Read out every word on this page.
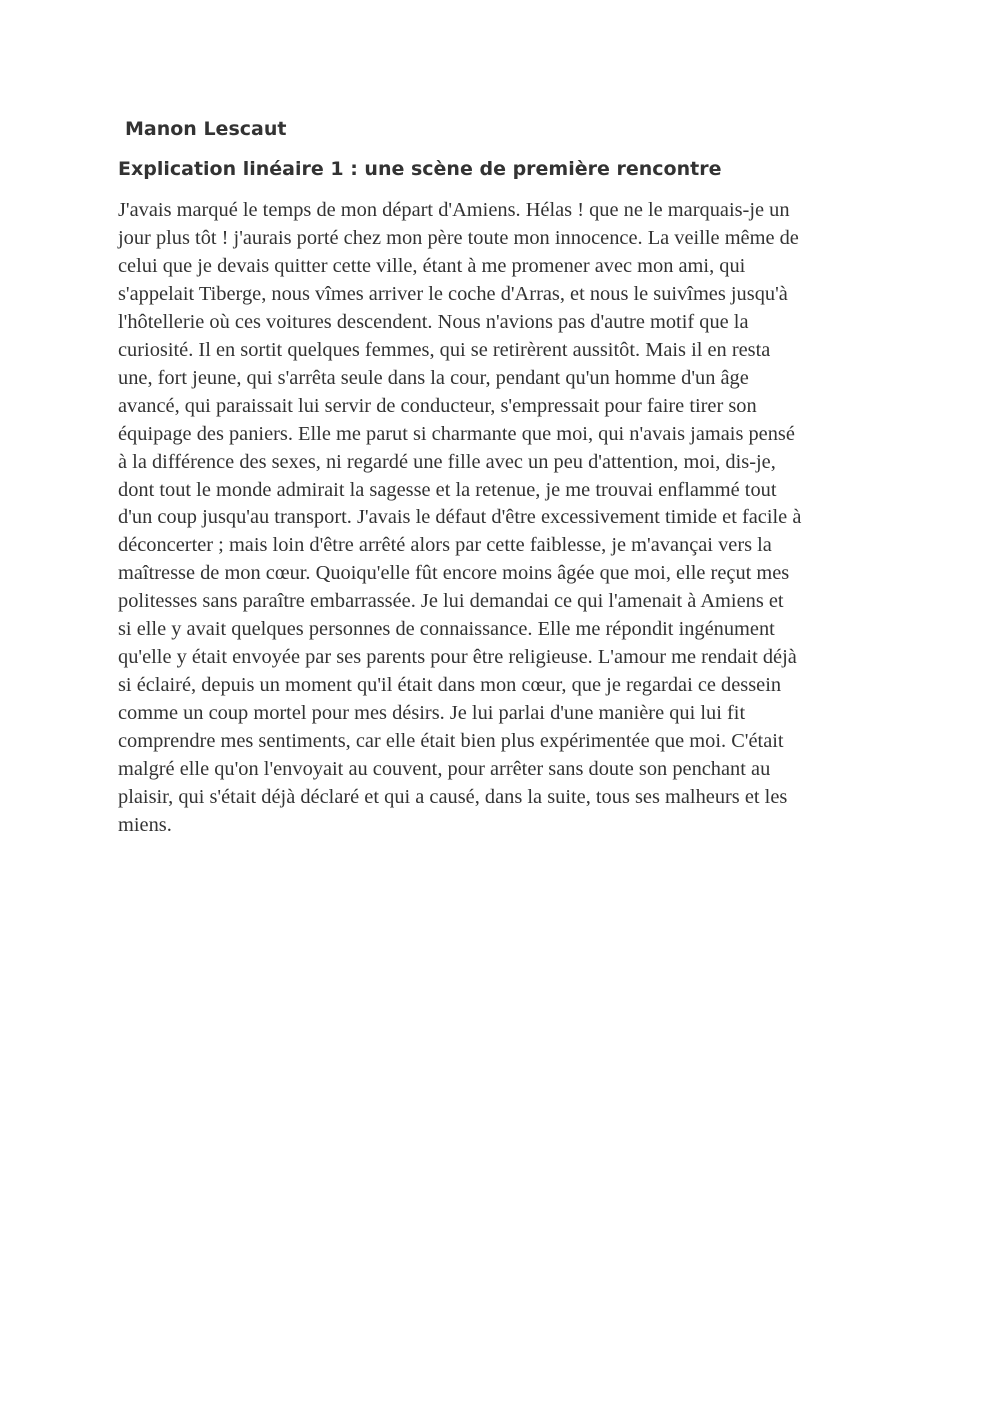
Manon Lescaut
Explication linéaire 1 : une scène de première rencontre
J'avais marqué le temps de mon départ d'Amiens. Hélas ! que ne le marquais-je un
jour plus tôt ! j'aurais porté chez mon père toute mon innocence. La veille même de
celui que je devais quitter cette ville, étant à me promener avec mon ami, qui
s'appelait Tiberge, nous vîmes arriver le coche d'Arras, et nous le suivîmes jusqu'à
l'hôtellerie où ces voitures descendent. Nous n'avions pas d'autre motif que la
curiosité. Il en sortit quelques femmes, qui se retirèrent aussitôt. Mais il en resta
une, fort jeune, qui s'arrêta seule dans la cour, pendant qu'un homme d'un âge
avancé, qui paraissait lui servir de conducteur, s'empressait pour faire tirer son
équipage des paniers. Elle me parut si charmante que moi, qui n'avais jamais pensé
à la différence des sexes, ni regardé une fille avec un peu d'attention, moi, dis-je,
dont tout le monde admirait la sagesse et la retenue, je me trouvai enflammé tout
d'un coup jusqu'au transport. J'avais le défaut d'être excessivement timide et facile à
déconcerter ; mais loin d'être arrêté alors par cette faiblesse, je m'avançai vers la
maîtresse de mon cœur. Quoiqu'elle fût encore moins âgée que moi, elle reçut mes
politesses sans paraître embarrassée. Je lui demandai ce qui l'amenait à Amiens et
si elle y avait quelques personnes de connaissance. Elle me répondit ingénument
qu'elle y était envoyée par ses parents pour être religieuse. L'amour me rendait déjà
si éclairé, depuis un moment qu'il était dans mon cœur, que je regardai ce dessein
comme un coup mortel pour mes désirs. Je lui parlai d'une manière qui lui fit
comprendre mes sentiments, car elle était bien plus expérimentée que moi. C'était
malgré elle qu'on l'envoyait au couvent, pour arrêter sans doute son penchant au
plaisir, qui s'était déjà déclaré et qui a causé, dans la suite, tous ses malheurs et les
miens.
